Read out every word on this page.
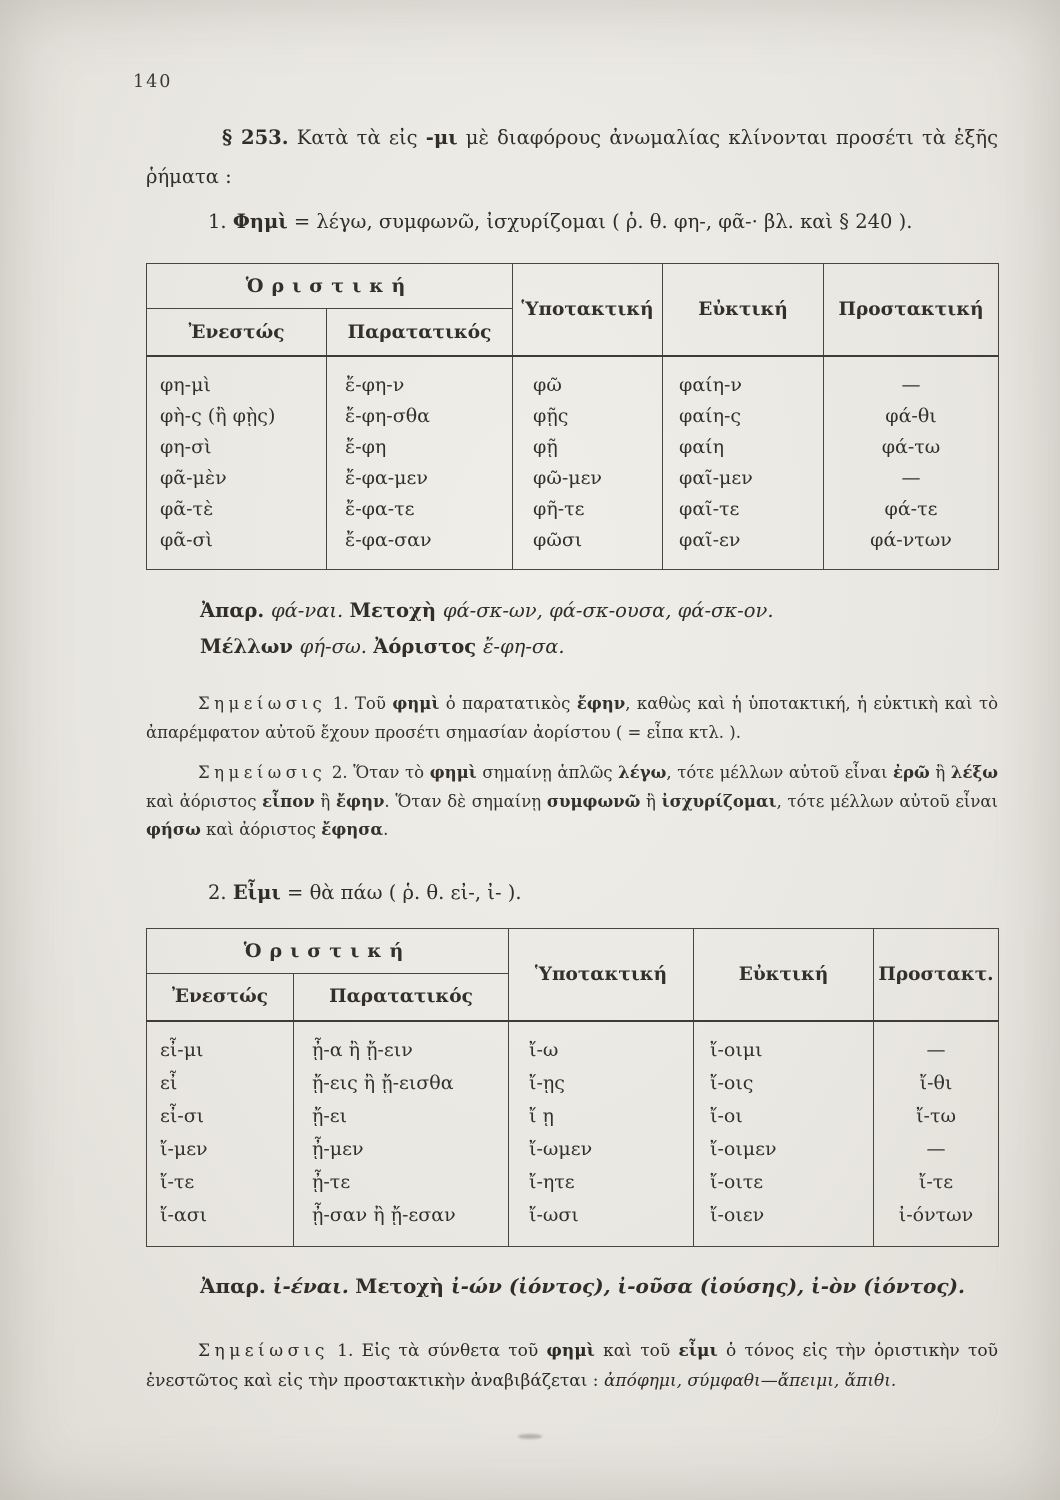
140

§ 253. Κατὰ τὰ εἰς -μι μὲ διαφόρους ἀνωμαλίας κλίνονται προσέτι τὰ ἑξῆς ῥήματα :

1. Φημὶ = λέγω, συμφωνῶ, ἰσχυρίζομαι ( ῥ. θ. φη-, φᾶ-· βλ. καὶ § 240 ).

Ὁριστική		Ὑποτακτική	Εὐκτική	Προστακτική
Ἐνεστώς	Παρατατικός			
φη-μὶ	ἔ-φη-ν	φῶ	φαίη-ν	—
φὴ-ς (ἢ φῂς)	ἔ-φη-σθα	φῇς	φαίη-ς	φά-θι
φη-σὶ	ἔ-φη	φῇ	φαίη	φά-τω
φᾶ-μὲν	ἔ-φα-μεν	φῶ-μεν	φαῖ-μεν	—
φᾶ-τὲ	ἔ-φα-τε	φῆ-τε	φαῖ-τε	φά-τε
φᾶ-σὶ	ἔ-φα-σαν	φῶσι	φαῖ-εν	φά-ντων

Ἀπαρ. φά-ναι. Μετοχὴ φά-σκ-ων, φά-σκ-ουσα, φά-σκ-ον.

Μέλλων φή-σω. Ἀόριστος ἔ-φη-σα.

Σημείωσις 1. Τοῦ φημὶ ὁ παρατατικὸς ἔφην, καθὼς καὶ ἡ ὑποτακτική, ἡ εὐκτικὴ καὶ τὸ ἀπαρέμφατον αὐτοῦ ἔχουν προσέτι σημασίαν ἀορίστου ( = εἶπα κτλ. ).

Σημείωσις 2. Ὅταν τὸ φημὶ σημαίνῃ ἁπλῶς λέγω, τότε μέλλων αὐτοῦ εἶναι ἐρῶ ἢ λέξω καὶ ἀόριστος εἶπον ἢ ἔφην. Ὅταν δὲ σημαίνῃ συμφωνῶ ἢ ἰσχυρίζομαι, τότε μέλλων αὐτοῦ εἶναι φήσω καὶ ἀόριστος ἔφησα.

2. Εἶμι = θὰ πάω ( ῥ. θ. εἰ-, ἰ- ).

Ὁριστική		Ὑποτακτική	Εὐκτική	Προστακτ.
Ἐνεστώς	Παρατατικός			
εἶ-μι	ᾖ-α ἢ ᾔ-ειν	ἴ-ω	ἴ-οιμι	—
εἶ	ᾔ-εις ἢ ᾔ-εισθα	ἴ-ῃς	ἴ-οις	ἴ-θι
εἶ-σι	ᾔ-ει	ἴ ῃ	ἴ-οι	ἴ-τω
ἴ-μεν	ᾖ-μεν	ἴ-ωμεν	ἴ-οιμεν	—
ἴ-τε	ᾖ-τε	ἴ-ητε	ἴ-οιτε	ἴ-τε
ἴ-ασι	ᾖ-σαν ἢ ᾔ-εσαν	ἴ-ωσι	ἴ-οιεν	ἰ-όντων

Ἀπαρ. ἰ-έναι. Μετοχὴ ἰ-ών (ἰόντος), ἰ-οῦσα (ἰούσης), ἰ-ὸν (ἰόντος).

Σημείωσις 1. Εἰς τὰ σύνθετα τοῦ φημὶ καὶ τοῦ εἶμι ὁ τόνος εἰς τὴν ὁριστικὴν τοῦ ἐνεστῶτος καὶ εἰς τὴν προστακτικὴν ἀναβιβάζεται : ἀπόφημι, σύμφαθι—ἄπειμι, ἄπιθι.
